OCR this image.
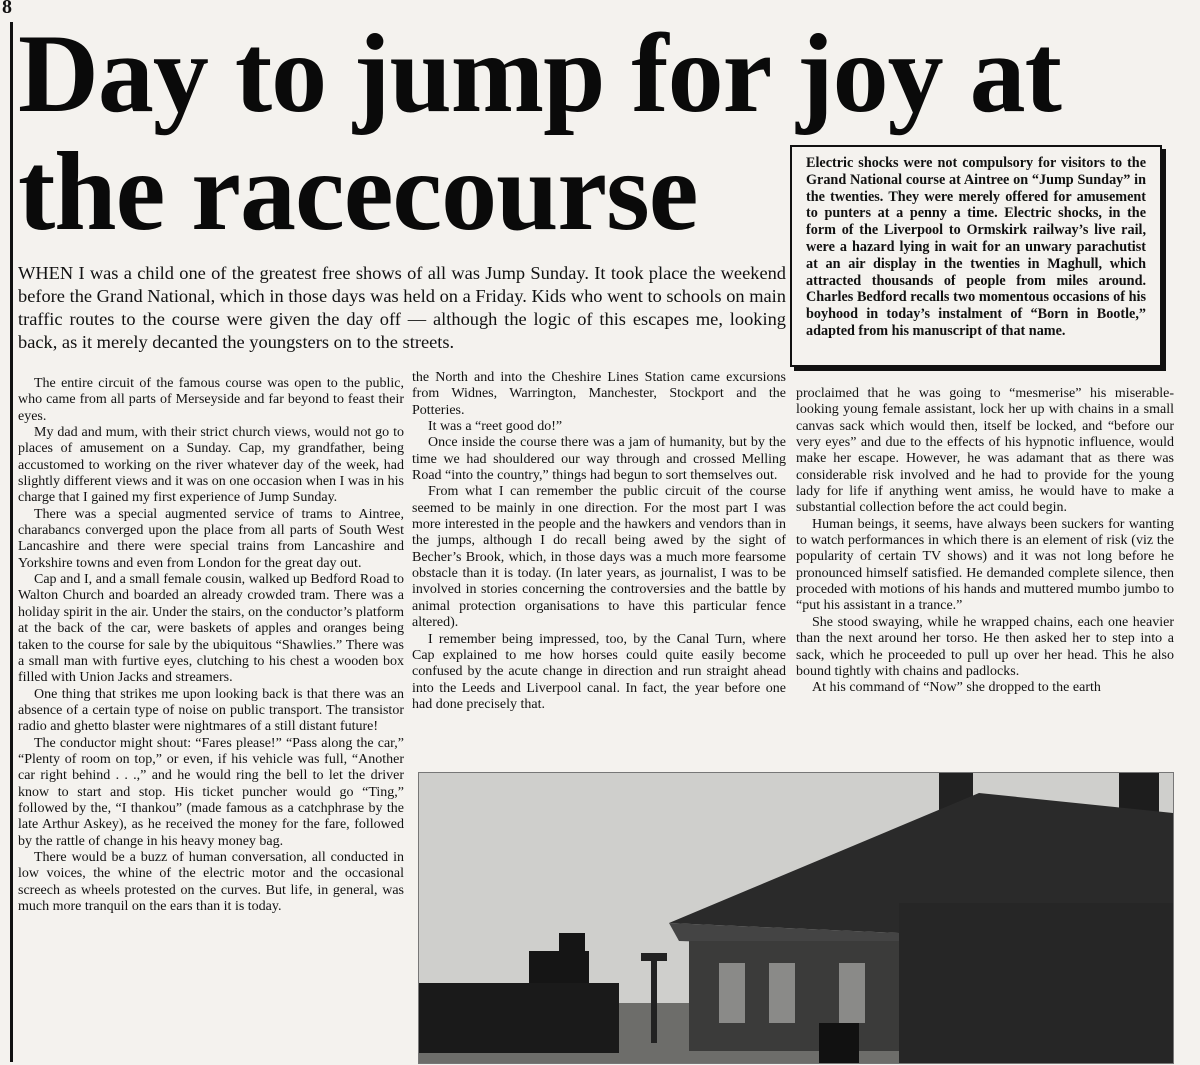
8
Day to jump for joy at
the racecourse	Electric shocks were not compulsory for visitors to the Grand National course at Aintree on “Jump Sunday” in the twenties. They were merely offered for amusement to punters at a penny a time. Electric shocks, in the form of the Liverpool to Ormskirk railway’s live rail, were a hazard lying in wait for an unwary parachutist at an air display in the twenties in Maghull, which attracted thousands of people from miles around. Charles Bedford recalls two momentous occasions of his boyhood in today’s instalment of “Born in Bootle,” adapted from his manuscript of that name.

WHEN I was a child one of the greatest free shows of all was Jump Sunday. It took place the weekend before the Grand National, which in those days was held on a Friday. Kids who went to schools on main traffic routes to the course were given the day off — although the logic of this escapes me, looking back, as it merely decanted the youngsters on to the streets.

The entire circuit of the famous course was open to the public, who came from all parts of Merseyside and far beyond to feast their eyes.

My dad and mum, with their strict church views, would not go to places of amusement on a Sunday. Cap, my grandfather, being accustomed to working on the river whatever day of the week, had slightly different views and it was on one occasion when I was in his charge that I gained my first experience of Jump Sunday.

There was a special augmented service of trams to Aintree, charabancs converged upon the place from all parts of South West Lancashire and there were special trains from Lancashire and Yorkshire towns and even from London for the great day out.

Cap and I, and a small female cousin, walked up Bedford Road to Walton Church and boarded an already crowded tram. There was a holiday spirit in the air. Under the stairs, on the conductor’s platform at the back of the car, were baskets of apples and oranges being taken to the course for sale by the ubiquitous “Shawlies.” There was a small man with furtive eyes, clutching to his chest a wooden box filled with Union Jacks and streamers.

One thing that strikes me upon looking back is that there was an absence of a certain type of noise on public transport. The transistor radio and ghetto blaster were nightmares of a still distant future!

The conductor might shout: “Fares please!” “Pass along the car,” “Plenty of room on top,” or even, if his vehicle was full, “Another car right behind . . .,” and he would ring the bell to let the driver know to start and stop. His ticket puncher would go “Ting,” followed by the, “I thankou” (made famous as a catchphrase by the late Arthur Askey), as he received the money for the fare, followed by the rattle of change in his heavy money bag.

There would be a buzz of human conversation, all conducted in low voices, the whine of the electric motor and the occasional screech as wheels protested on the curves. But life, in general, was much more tranquil on the ears than it is today.

the North and into the Cheshire Lines Station came excursions from Widnes, Warrington, Manchester, Stockport and the Potteries.

It was a “reet good do!”

Once inside the course there was a jam of humanity, but by the time we had shouldered our way through and crossed Melling Road “into the country,” things had begun to sort themselves out.

From what I can remember the public circuit of the course seemed to be mainly in one direction. For the most part I was more interested in the people and the hawkers and vendors than in the jumps, although I do recall being awed by the sight of Becher’s Brook, which, in those days was a much more fearsome obstacle than it is today. (In later years, as journalist, I was to be involved in stories concerning the controversies and the battle by animal protection organisations to have this particular fence altered).

I remember being impressed, too, by the Canal Turn, where Cap explained to me how horses could quite easily become confused by the acute change in direction and run straight ahead into the Leeds and Liverpool canal. In fact, the year before one had done precisely that.

proclaimed that he was going to “mesmerise” his miserable-looking young female assistant, lock her up with chains in a small canvas sack which would then, itself be locked, and “before our very eyes” and due to the effects of his hypnotic influence, would make her escape. However, he was adamant that as there was considerable risk involved and he had to provide for the young lady for life if anything went amiss, he would have to make a substantial collection before the act could begin.

Human beings, it seems, have always been suckers for wanting to watch performances in which there is an element of risk (viz the popularity of certain TV shows) and it was not long before he pronounced himself satisfied. He demanded complete silence, then proceded with motions of his hands and muttered mumbo jumbo to “put his assistant in a trance.”

She stood swaying, while he wrapped chains, each one heavier than the next around her torso. He then asked her to step into a sack, which he proceeded to pull up over her head. This he also bound tightly with chains and padlocks.

At his command of “Now” she dropped to the earth
